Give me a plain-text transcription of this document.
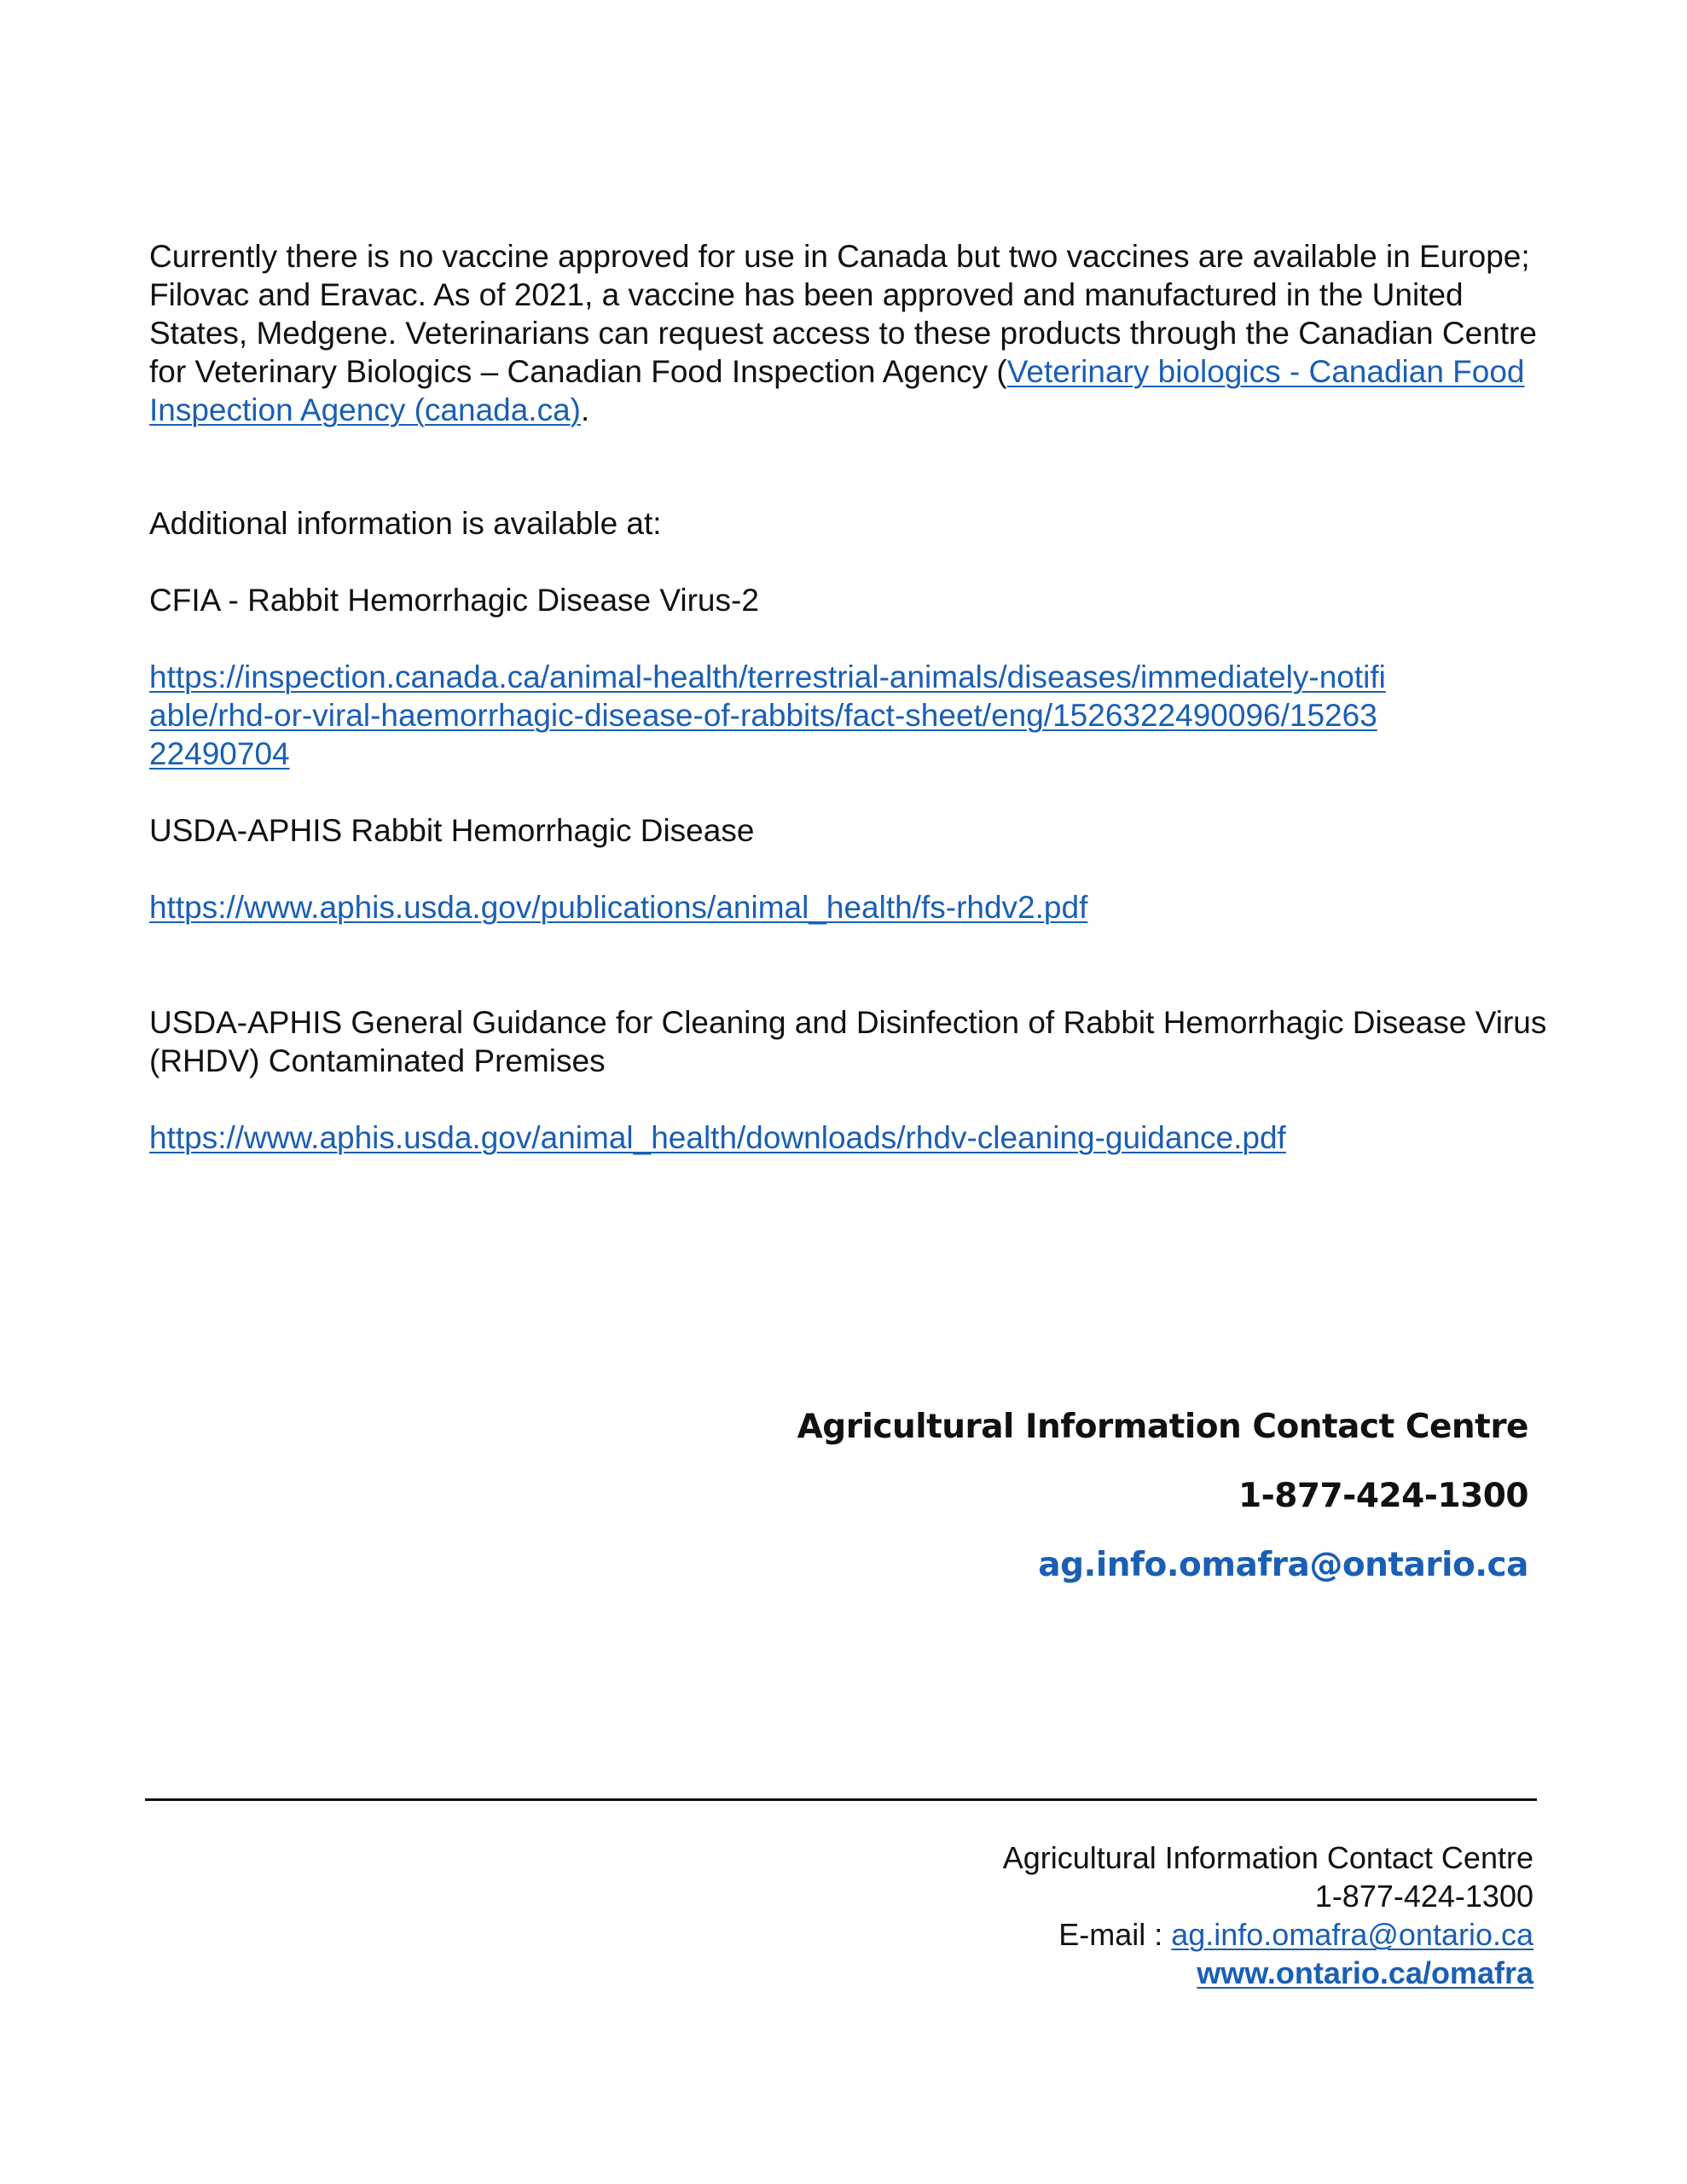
Currently there is no vaccine approved for use in Canada but two vaccines are available in Europe; Filovac and Eravac. As of 2021, a vaccine has been approved and manufactured in the United States, Medgene. Veterinarians can request access to these products through the Canadian Centre for Veterinary Biologics – Canadian Food Inspection Agency (Veterinary biologics - Canadian Food Inspection Agency (canada.ca).

Additional information is available at:

CFIA - Rabbit Hemorrhagic Disease Virus-2

https://inspection.canada.ca/animal-health/terrestrial-animals/diseases/immediately-notifiable/rhd-or-viral-haemorrhagic-disease-of-rabbits/fact-sheet/eng/1526322490096/1526322490704

USDA-APHIS Rabbit Hemorrhagic Disease

https://www.aphis.usda.gov/publications/animal_health/fs-rhdv2.pdf

USDA-APHIS General Guidance for Cleaning and Disinfection of Rabbit Hemorrhagic Disease Virus (RHDV) Contaminated Premises

https://www.aphis.usda.gov/animal_health/downloads/rhdv-cleaning-guidance.pdf

Agricultural Information Contact Centre
1-877-424-1300
ag.info.omafra@ontario.ca
Agricultural Information Contact Centre
1-877-424-1300
E-mail : ag.info.omafra@ontario.ca
www.ontario.ca/omafra
